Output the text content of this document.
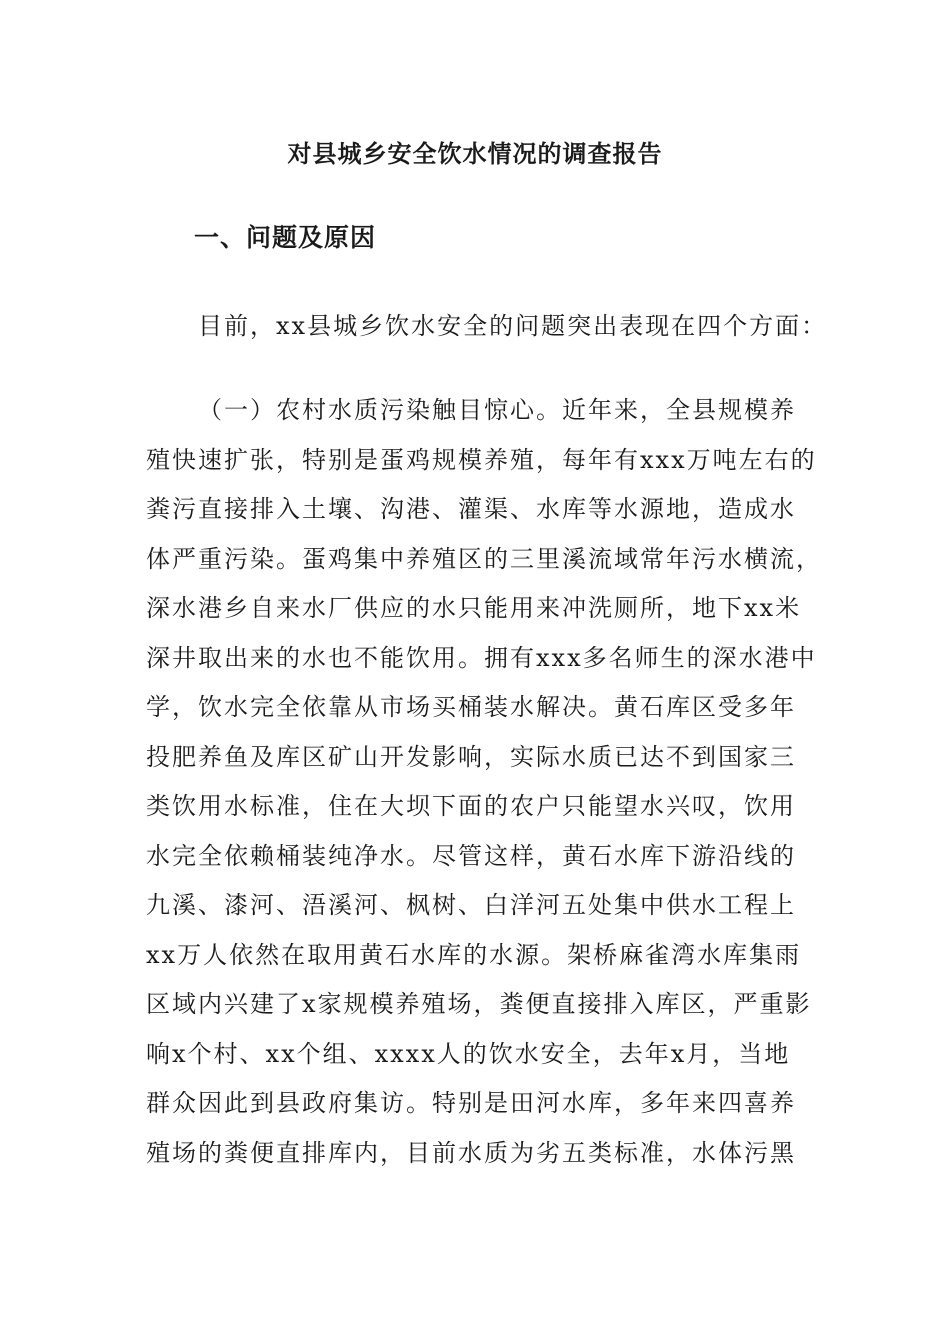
对县城乡安全饮水情况的调查报告
一、问题及原因
目前，xx县城乡饮水安全的问题突出表现在四个方面：
（一）农村水质污染触目惊心。近年来，全县规模养
殖快速扩张，特别是蛋鸡规模养殖，每年有xxx万吨左右的
粪污直接排入土壤、沟港、灌渠、水库等水源地，造成水
体严重污染。蛋鸡集中养殖区的三里溪流域常年污水横流，
深水港乡自来水厂供应的水只能用来冲洗厕所，地下xx米
深井取出来的水也不能饮用。拥有xxx多名师生的深水港中
学，饮水完全依靠从市场买桶装水解决。黄石库区受多年
投肥养鱼及库区矿山开发影响，实际水质已达不到国家三
类饮用水标准，住在大坝下面的农户只能望水兴叹，饮用
水完全依赖桶装纯净水。尽管这样，黄石水库下游沿线的
九溪、漆河、浯溪河、枫树、白洋河五处集中供水工程上
xx万人依然在取用黄石水库的水源。架桥麻雀湾水库集雨
区域内兴建了x家规模养殖场，粪便直接排入库区，严重影
响x个村、xx个组、xxxx人的饮水安全，去年x月，当地
群众因此到县政府集访。特别是田河水库，多年来四喜养
殖场的粪便直排库内，目前水质为劣五类标准，水体污黑
